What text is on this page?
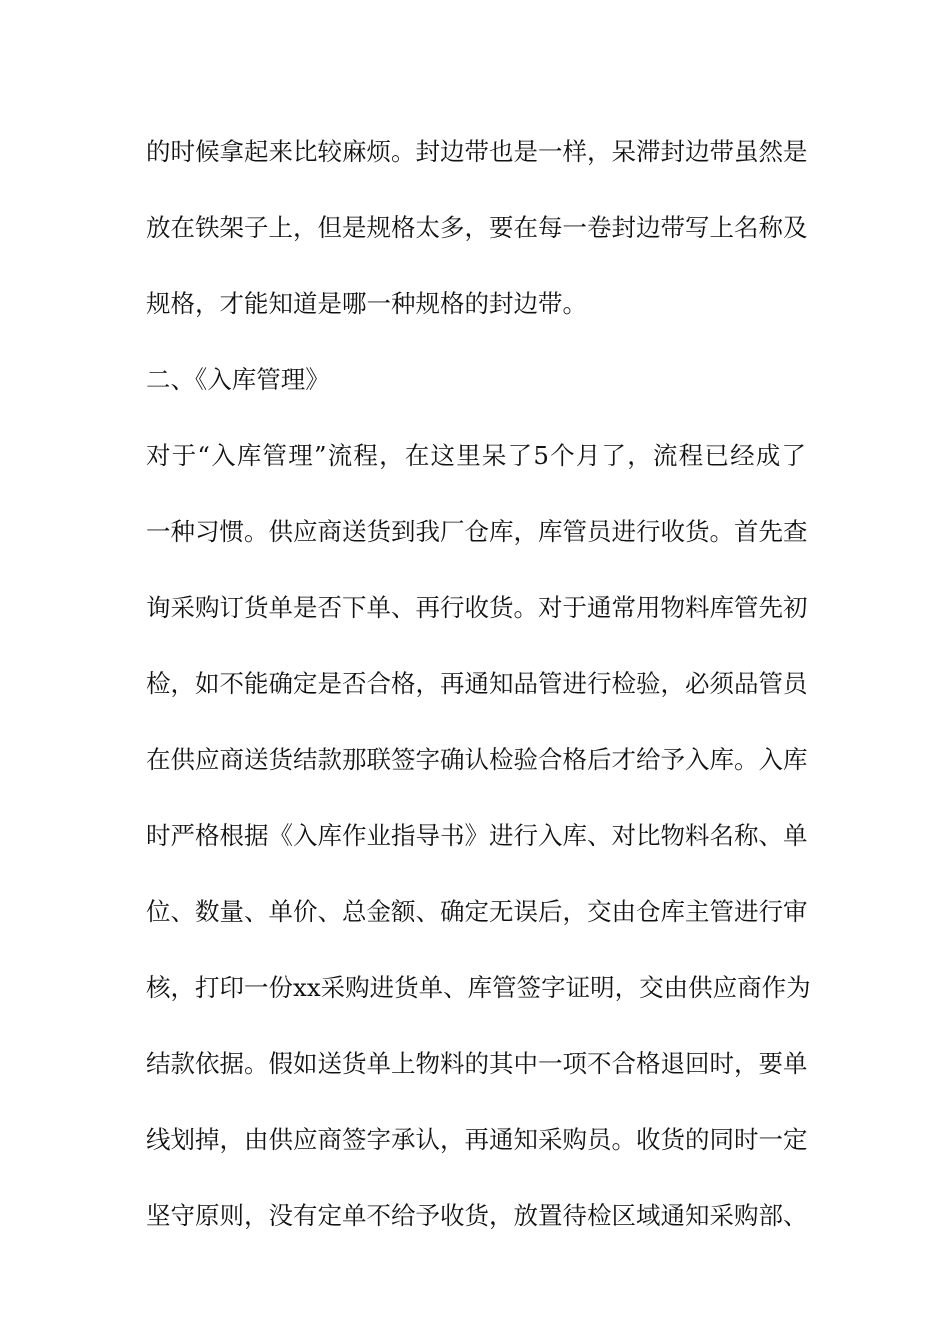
的时候拿起来比较麻烦。封边带也是一样，呆滞封边带虽然是
放在铁架子上，但是规格太多，要在每一卷封边带写上名称及
规格，才能知道是哪一种规格的封边带。
二、《入库管理》
对于“入库管理”流程，在这里呆了5个月了，流程已经成了
一种习惯。供应商送货到我厂仓库，库管员进行收货。首先查
询采购订货单是否下单、再行收货。对于通常用物料库管先初
检，如不能确定是否合格，再通知品管进行检验，必须品管员
在供应商送货结款那联签字确认检验合格后才给予入库。入库
时严格根据《入库作业指导书》进行入库、对比物料名称、单
位、数量、单价、总金额、确定无误后，交由仓库主管进行审
核，打印一份xx采购进货单、库管签字证明，交由供应商作为
结款依据。假如送货单上物料的其中一项不合格退回时，要单
线划掉，由供应商签字承认，再通知采购员。收货的同时一定
坚守原则，没有定单不给予收货，放置待检区域通知采购部、
